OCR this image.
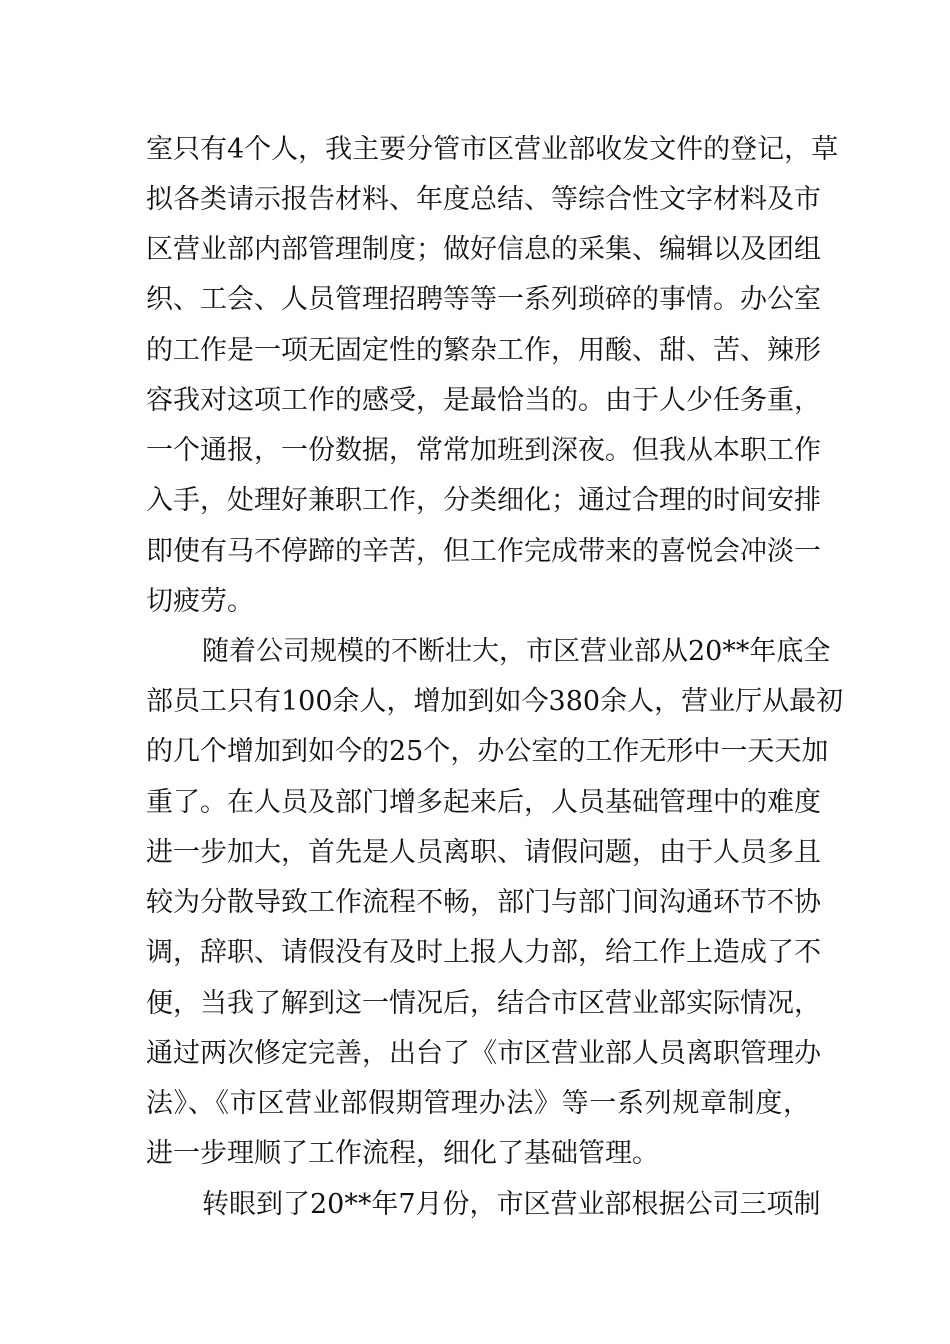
室只有4个人，我主要分管市区营业部收发文件的登记，草
拟各类请示报告材料、年度总结、等综合性文字材料及市
区营业部内部管理制度；做好信息的采集、编辑以及团组
织、工会、人员管理招聘等等一系列琐碎的事情。办公室
的工作是一项无固定性的繁杂工作，用酸、甜、苦、辣形
容我对这项工作的感受，是最恰当的。由于人少任务重，
一个通报，一份数据，常常加班到深夜。但我从本职工作
入手，处理好兼职工作，分类细化；通过合理的时间安排
即使有马不停蹄的辛苦，但工作完成带来的喜悦会冲淡一
切疲劳。
随着公司规模的不断壮大，市区营业部从20**年底全
部员工只有100余人，增加到如今380余人，营业厅从最初
的几个增加到如今的25个，办公室的工作无形中一天天加
重了。在人员及部门增多起来后，人员基础管理中的难度
进一步加大，首先是人员离职、请假问题，由于人员多且
较为分散导致工作流程不畅，部门与部门间沟通环节不协
调，辞职、请假没有及时上报人力部，给工作上造成了不
便，当我了解到这一情况后，结合市区营业部实际情况，
通过两次修定完善，出台了《市区营业部人员离职管理办
法》、《市区营业部假期管理办法》等一系列规章制度，
进一步理顺了工作流程，细化了基础管理。
转眼到了20**年7月份，市区营业部根据公司三项制
